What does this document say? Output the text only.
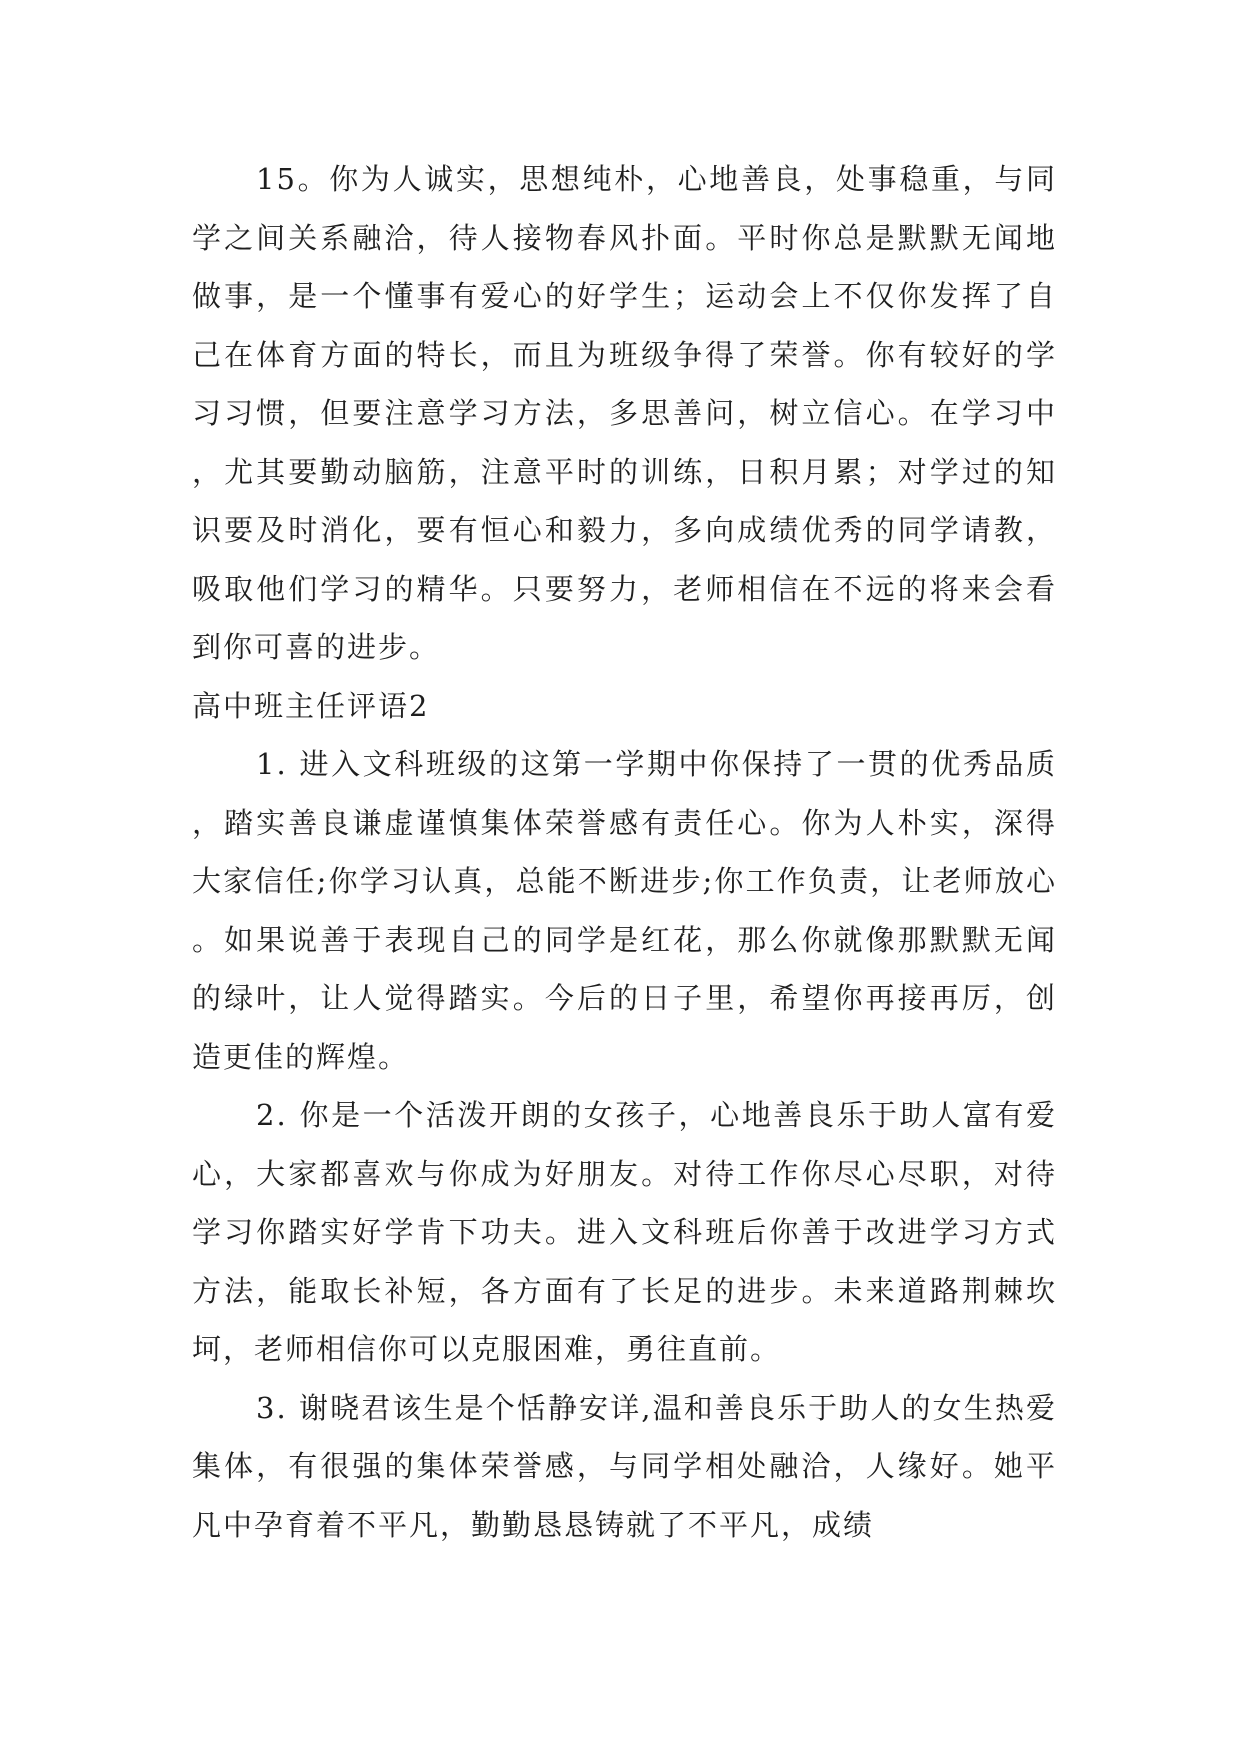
15。你为人诚实，思想纯朴，心地善良，处事稳重，与同学之间关系融洽，待人接物春风扑面。平时你总是默默无闻地做事，是一个懂事有爱心的好学生；运动会上不仅你发挥了自己在体育方面的特长，而且为班级争得了荣誉。你有较好的学习习惯，但要注意学习方法，多思善问，树立信心。在学习中，尤其要勤动脑筋，注意平时的训练，日积月累；对学过的知识要及时消化，要有恒心和毅力，多向成绩优秀的同学请教，吸取他们学习的精华。只要努力，老师相信在不远的将来会看到你可喜的进步。

高中班主任评语2

1. 进入文科班级的这第一学期中你保持了一贯的优秀品质，踏实善良谦虚谨慎集体荣誉感有责任心。你为人朴实，深得大家信任;你学习认真，总能不断进步;你工作负责，让老师放心。如果说善于表现自己的同学是红花，那么你就像那默默无闻的绿叶，让人觉得踏实。今后的日子里，希望你再接再厉，创造更佳的辉煌。

2. 你是一个活泼开朗的女孩子，心地善良乐于助人富有爱心，大家都喜欢与你成为好朋友。对待工作你尽心尽职，对待学习你踏实好学肯下功夫。进入文科班后你善于改进学习方式方法，能取长补短，各方面有了长足的进步。未来道路荆棘坎坷，老师相信你可以克服困难，勇往直前。

3. 谢晓君该生是个恬静安详,温和善良乐于助人的女生热爱集体，有很强的集体荣誉感，与同学相处融洽，人缘好。她平凡中孕育着不平凡，勤勤恳恳铸就了不平凡，成绩
